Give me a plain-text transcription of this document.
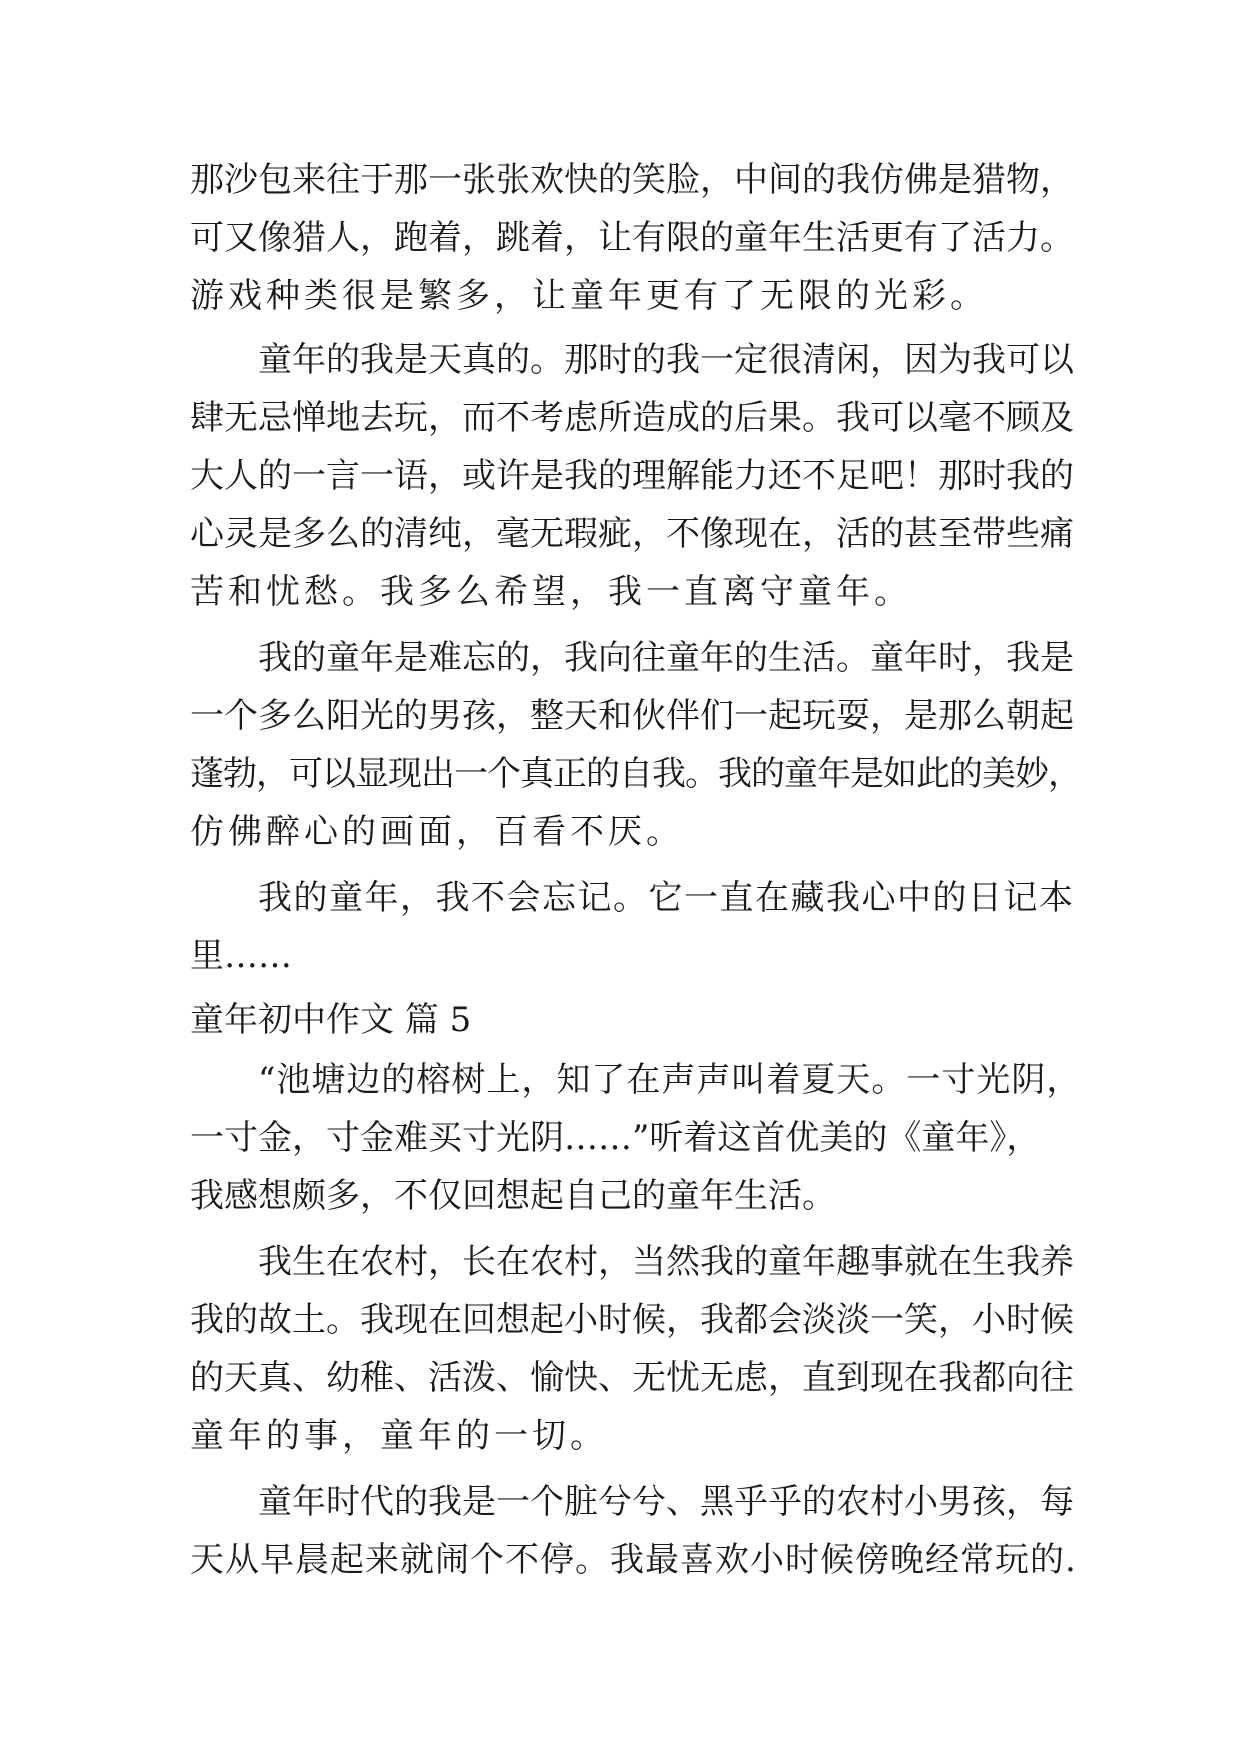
那沙包来往于那一张张欢快的笑脸，中间的我仿佛是猎物，
可又像猎人，跑着，跳着，让有限的童年生活更有了活力。
游戏种类很是繁多，让童年更有了无限的光彩。
童年的我是天真的。那时的我一定很清闲，因为我可以
肆无忌惮地去玩，而不考虑所造成的后果。我可以毫不顾及
大人的一言一语，或许是我的理解能力还不足吧！那时我的
心灵是多么的清纯，毫无瑕疵，不像现在，活的甚至带些痛
苦和忧愁。我多么希望，我一直离守童年。
我的童年是难忘的，我向往童年的生活。童年时，我是
一个多么阳光的男孩，整天和伙伴们一起玩耍，是那么朝起
蓬勃，可以显现出一个真正的自我。我的童年是如此的美妙，
仿佛醉心的画面，百看不厌。
我的童年，我不会忘记。它一直在藏我心中的日记本
里……
童年初中作文 篇 5
“池塘边的榕树上，知了在声声叫着夏天。一寸光阴，
一寸金，寸金难买寸光阴……”听着这首优美的《童年》，
我感想颇多，不仅回想起自己的童年生活。
我生在农村，长在农村，当然我的童年趣事就在生我养
我的故土。我现在回想起小时候，我都会淡淡一笑，小时候
的天真、幼稚、活泼、愉快、无忧无虑，直到现在我都向往
童年的事，童年的一切。
童年时代的我是一个脏兮兮、黑乎乎的农村小男孩，每
天从早晨起来就闹个不停。我最喜欢小时候傍晚经常玩的.
